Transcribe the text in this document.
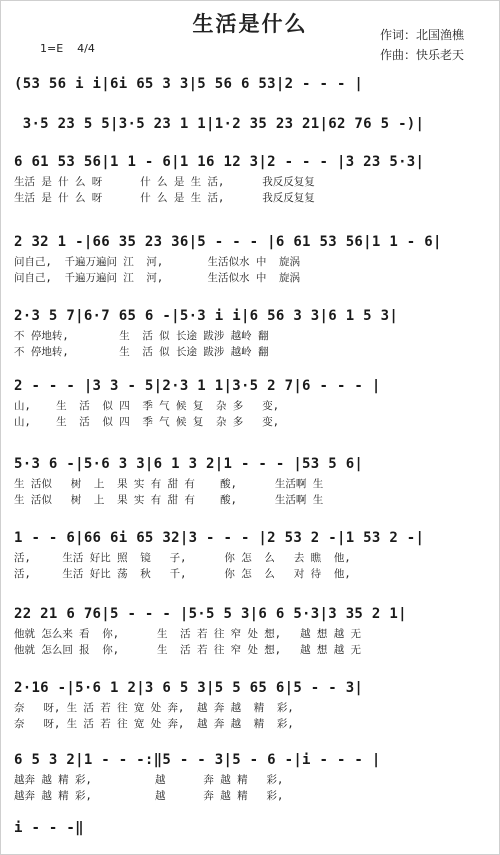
生活是什么
1=E 4/4
作词：北国渔樵
作曲：快乐老天
(53 56 i i|6i 65 3 3|5 56 6 53|2 - - - |
3·5 23 5 5|3·5 23 1 1|1·2 35 23 21|62 76 5 -)|
6 61 53 56|1 1 - 6|1 16 12 3|2 - - - |3 23 5·3|
生活 是 什 么 呀      什 么 是 生 活,      我反反复复
生活 是 什 么 呀      什 么 是 生 活,      我反反复复
2 32 1 -|66 35 23 36|5 - - - |6 61 53 56|1 1 - 6|
问自己,  千遍万遍问 江  河,       生活似水 中  旋涡
问自己,  千遍万遍问 江  河,       生活似水 中  旋涡
2·3 5 7|6·7 65 6 -|5·3 i i|6 56 3 3|6 1 5 3|
不 停地转,        生  活 似 长途 跋涉 越岭 翻
不 停地转,        生  活 似 长途 跋涉 越岭 翻
2 - - - |3 3 - 5|2·3 1 1|3·5 2 7|6 - - - |
山,    生  活  似 四  季 气 候 复  杂 多   变,
山,    生  活  似 四  季 气 候 复  杂 多   变,
5·3 6 -|5·6 3 3|6 1 3 2|1 - - - |53 5 6|
生 活似   树  上  果 实 有 甜 有    酸,      生活啊 生
生 活似   树  上  果 实 有 甜 有    酸,      生活啊 生
1 - - 6|66 6i 65 32|3 - - - |2 53 2 -|1 53 2 -|
活,     生活 好比 照  镜   子,      你 怎  么   去 瞧  他,
活,     生活 好比 荡  秋   千,      你 怎  么   对 待  他,
22 21 6 76|5 - - - |5·5 5 3|6 6 5·3|3 35 2 1|
他就 怎么来 看  你,      生  活 若 往 窄 处 想,   越 想 越 无
他就 怎么回 报  你,      生  活 若 往 窄 处 想,   越 想 越 无
2·16 -|5·6 1 2|3 6 5 3|5 5 65 6|5 - - 3|
奈   呀, 生 活 若 往 宽 处 奔,  越 奔 越  精  彩,
奈   呀, 生 活 若 往 宽 处 奔,  越 奔 越  精  彩,
6 5 3 2|1 - - -:‖5 - - 3|5 - 6 -|i - - - |
越奔 越 精 彩,          越      奔 越 精   彩,
越奔 越 精 彩,          越      奔 越 精   彩,
i - - -‖
